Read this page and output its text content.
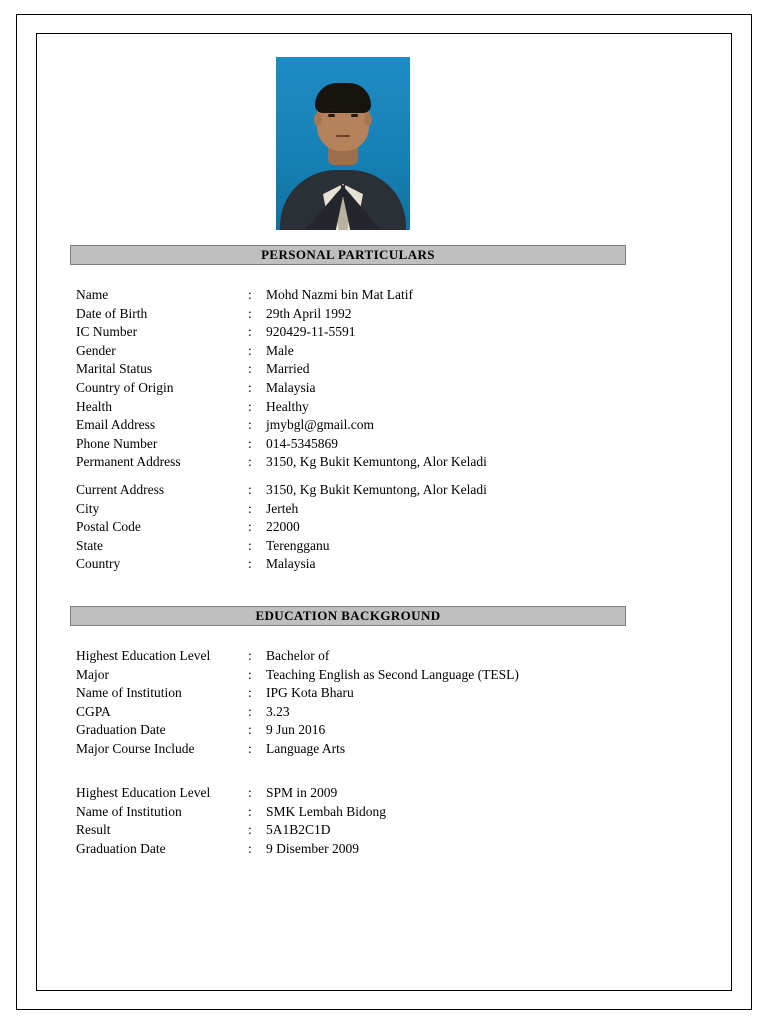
PERSONAL PARTICULARS
Name	:	Mohd Nazmi bin Mat Latif
Date of Birth	:	29th April 1992
IC Number	:	920429-11-5591
Gender	:	Male
Marital Status	:	Married
Country of Origin	:	Malaysia
Health	:	Healthy
Email Address	:	jmybgl@gmail.com
Phone Number	:	014-5345869
Permanent Address	:	3150, Kg Bukit Kemuntong, Alor Keladi
Current Address	:	3150, Kg Bukit Kemuntong, Alor Keladi
City	:	Jerteh
Postal Code	:	22000
State	:	Terengganu
Country	:	Malaysia
EDUCATION BACKGROUND
Highest Education Level	:	Bachelor of
Major	:	Teaching English as Second Language (TESL)
Name of Institution	:	IPG Kota Bharu
CGPA	:	3.23
Graduation Date	:	9 Jun 2016
Major Course Include	:	Language Arts
Highest Education Level	:	SPM in 2009
Name of Institution	:	SMK Lembah Bidong
Result	:	5A1B2C1D
Graduation Date	:	9 Disember 2009
